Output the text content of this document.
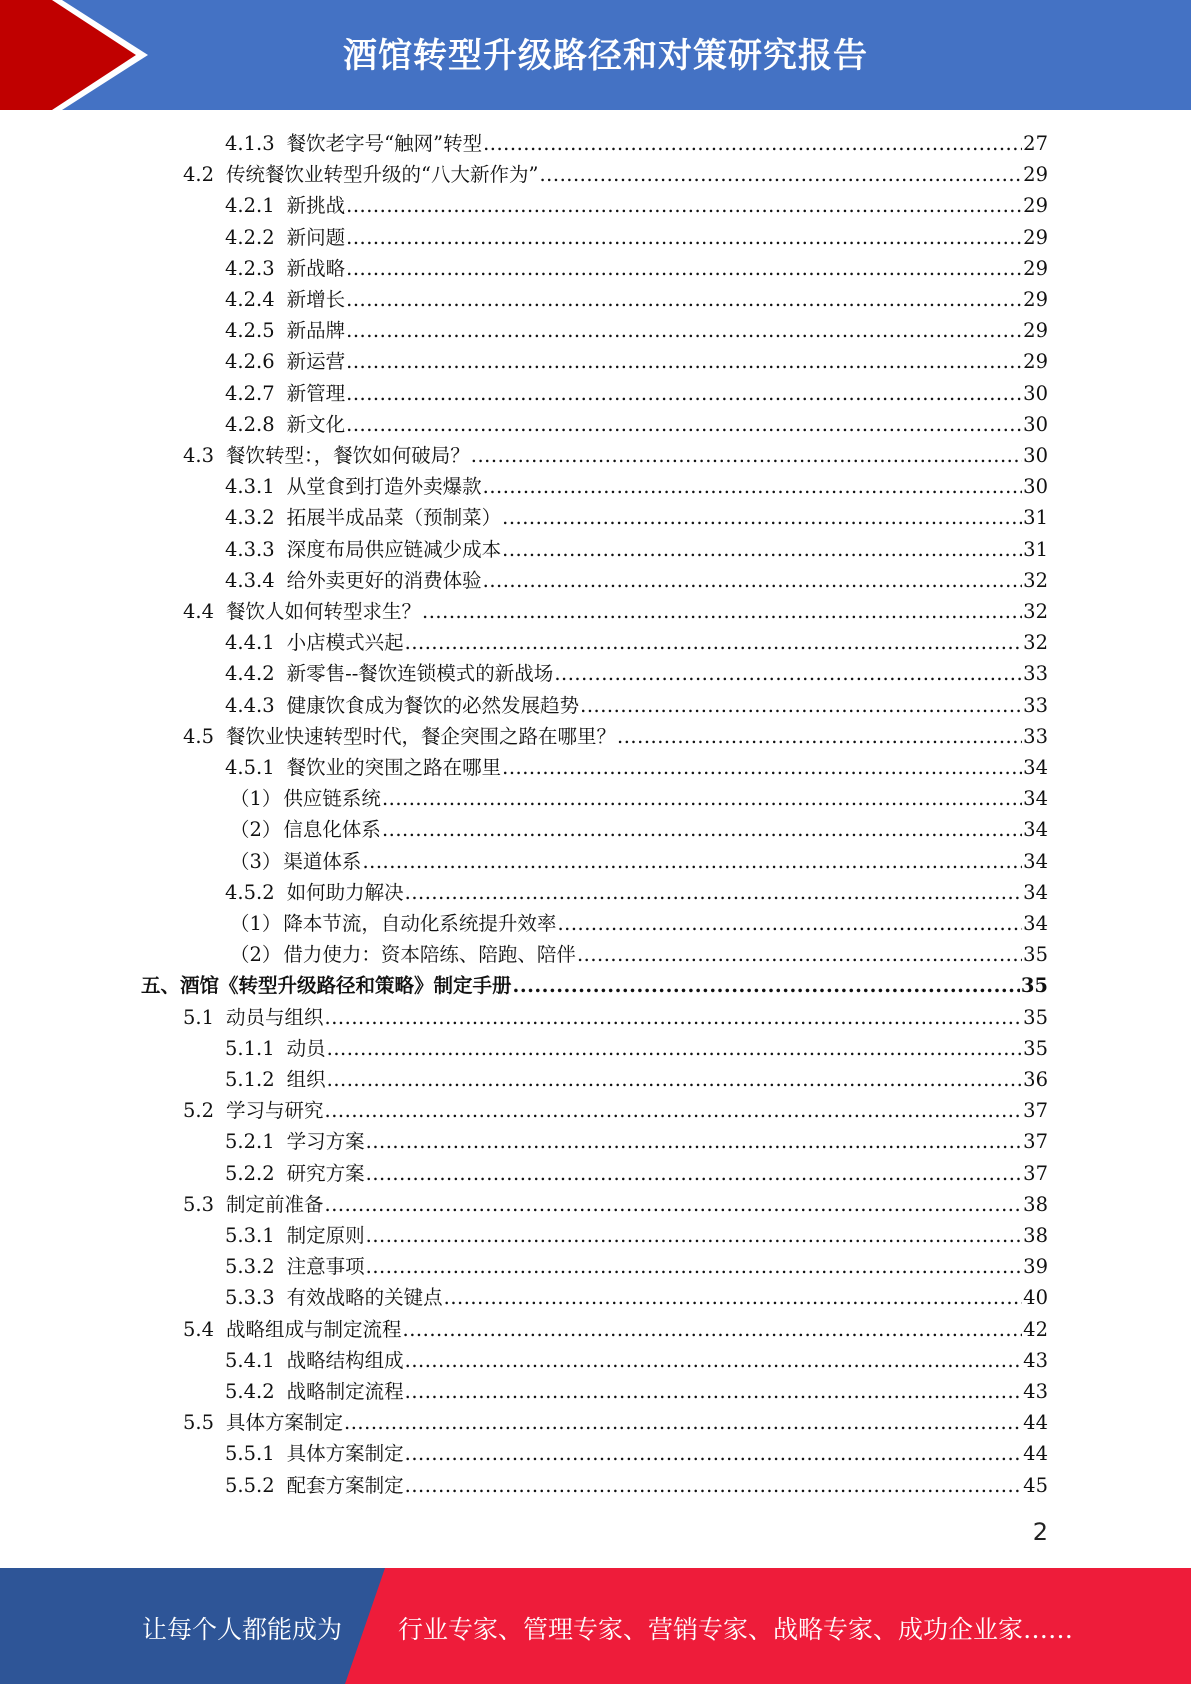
酒馆转型升级路径和对策研究报告
4.1.3 餐饮老字号“触网”转型 .....	27
4.2 传统餐饮业转型升级的“八大新作为” .....	29
4.2.1 新挑战 .....	29
4.2.2 新问题 .....	29
4.2.3 新战略 .....	29
4.2.4 新增长 .....	29
4.2.5 新品牌 .....	29
4.2.6 新运营 .....	29
4.2.7 新管理 .....	30
4.2.8 新文化 .....	30
4.3 餐饮转型：，餐饮如何破局？ .....	30
4.3.1 从堂食到打造外卖爆款 .....	30
4.3.2 拓展半成品菜（预制菜） .....	31
4.3.3 深度布局供应链减少成本 .....	31
4.3.4 给外卖更好的消费体验 .....	32
4.4 餐饮人如何转型求生？ .....	32
4.4.1 小店模式兴起 .....	32
4.4.2 新零售--餐饮连锁模式的新战场 .....	33
4.4.3 健康饮食成为餐饮的必然发展趋势 .....	33
4.5 餐饮业快速转型时代，餐企突围之路在哪里？ .....	33
4.5.1 餐饮业的突围之路在哪里 .....	34
（1） 供应链系统 .....	34
（2） 信息化体系 .....	34
（3） 渠道体系 .....	34
4.5.2 如何助力解决 .....	34
（1） 降本节流，自动化系统提升效率 .....	34
（2） 借力使力：资本陪练、陪跑、陪伴 .....	35
五、 酒馆《转型升级路径和策略》制定手册 .....	35
5.1 动员与组织 .....	35
5.1.1 动员 .....	35
5.1.2 组织 .....	36
5.2 学习与研究 .....	37
5.2.1 学习方案 .....	37
5.2.2 研究方案 .....	37
5.3 制定前准备 .....	38
5.3.1 制定原则 .....	38
5.3.2 注意事项 .....	39
5.3.3 有效战略的关键点 .....	40
5.4 战略组成与制定流程 .....	42
5.4.1 战略结构组成 .....	43
5.4.2 战略制定流程 .....	43
5.5 具体方案制定 .....	44
5.5.1 具体方案制定 .....	44
5.5.2 配套方案制定 .....	45
2
让每个人都能成为 行业专家、管理专家、营销专家、战略专家、成功企业家……
